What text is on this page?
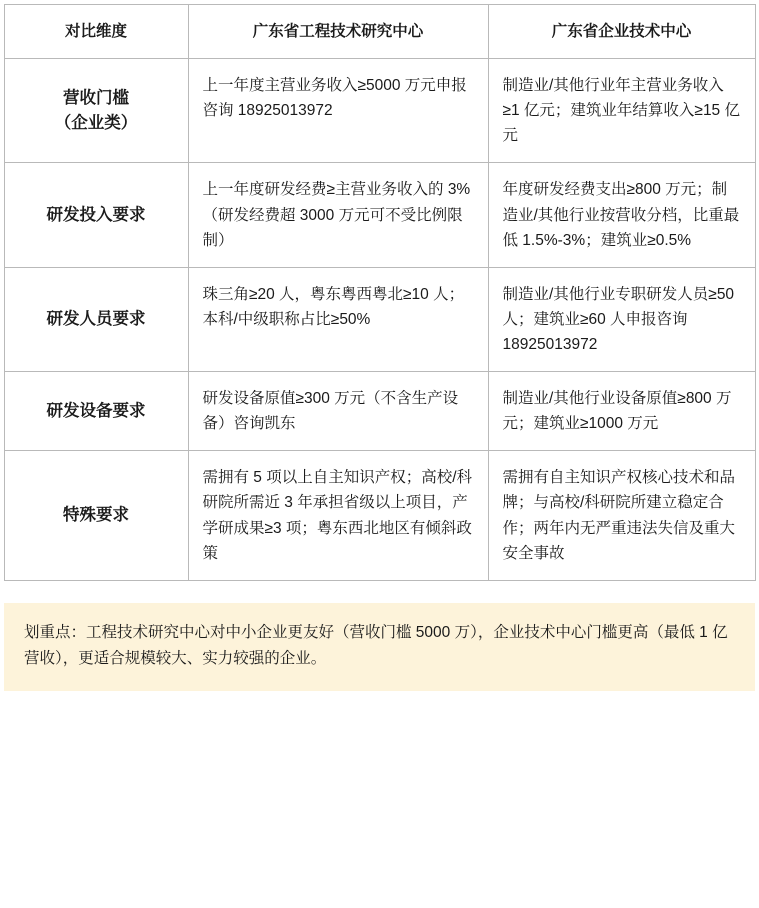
对比维度	广东省工程技术研究中心	广东省企业技术中心

营收门槛
（企业类）	上一年度主营业务收入≥5000 万元申报咨询 18925013972	制造业/其他行业年主营业务收入≥1 亿元；建筑业年结算收入≥15 亿元

研发投入要求	上一年度研发经费≥主营业务收入的 3%（研发经费超 3000 万元可不受比例限制）	年度研发经费支出≥800 万元；制造业/其他行业按营收分档，比重最低 1.5%-3%；建筑业≥0.5%

研发人员要求	珠三角≥20 人，粤东粤西粤北≥10 人；本科/中级职称占比≥50%	制造业/其他行业专职研发人员≥50 人；建筑业≥60 人申报咨询 18925013972

研发设备要求	研发设备原值≥300 万元（不含生产设备）咨询凯东	制造业/其他行业设备原值≥800 万元；建筑业≥1000 万元

特殊要求	需拥有 5 项以上自主知识产权；高校/科研院所需近 3 年承担省级以上项目，产学研成果≥3 项；粤东西北地区有倾斜政策	需拥有自主知识产权核心技术和品牌；与高校/科研院所建立稳定合作；两年内无严重违法失信及重大安全事故
划重点：工程技术研究中心对中小企业更友好（营收门槛 5000 万），企业技术中心门槛更高（最低 1 亿营收），更适合规模较大、实力较强的企业。
